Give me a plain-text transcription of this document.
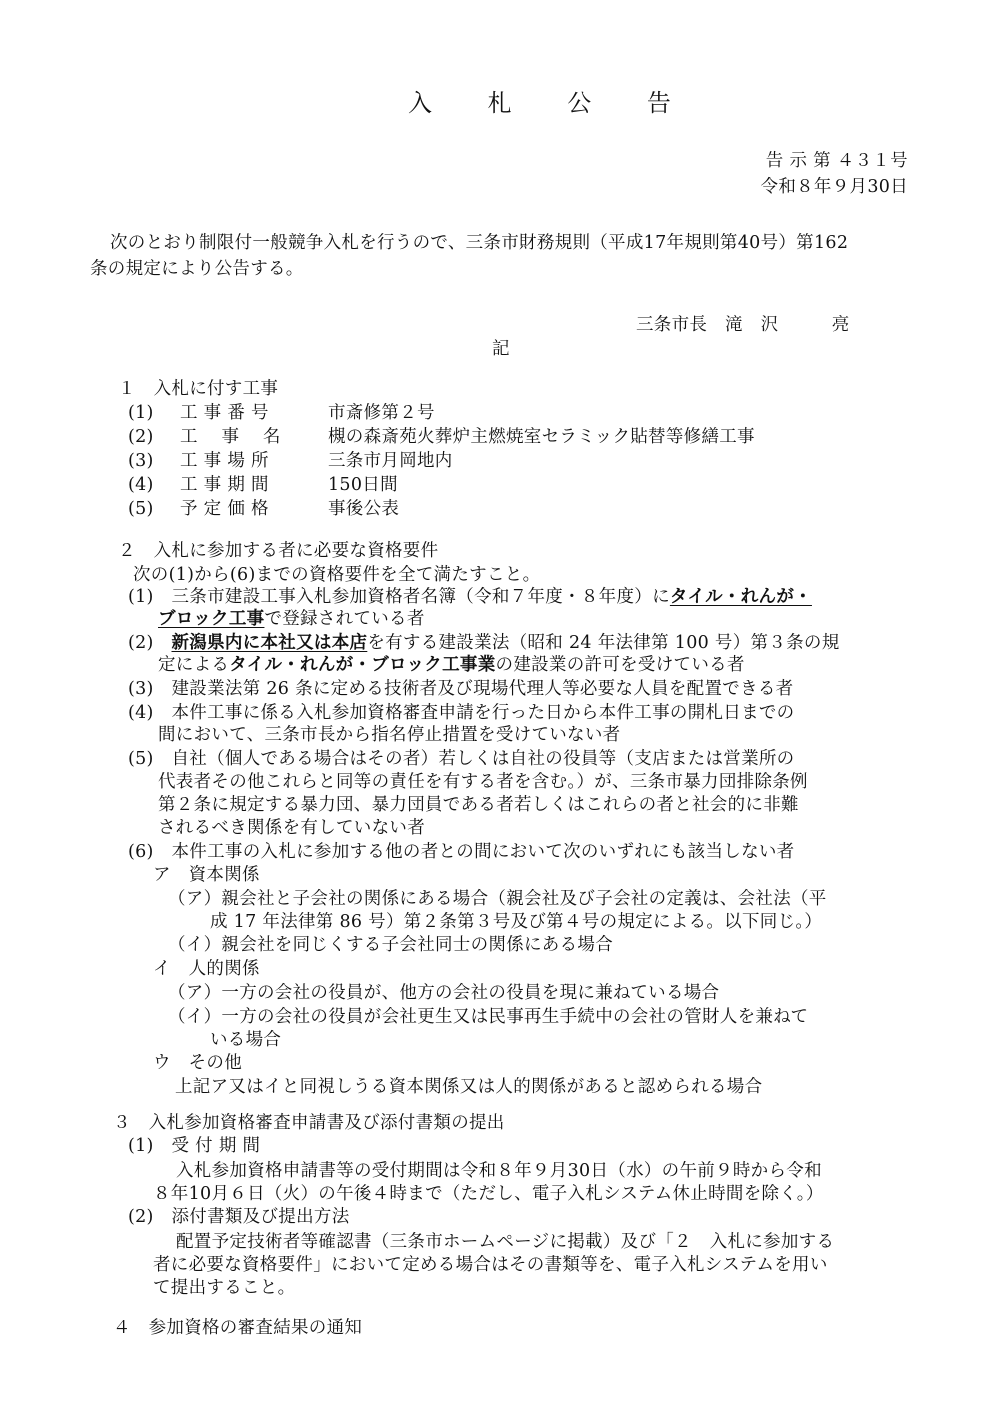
入 札 公 告
告 示 第 ４３１号
令和８年９月30日
次のとおり制限付一般競争入札を行うので、三条市財務規則（平成17年規則第40号）第162
条の規定により公告する。
三条市長　滝　沢　　　亮
記
１　入札に付す工事
(1) 工 事 番 号	市斎修第２号
(2) 工　 事　 名	槻の森斎苑火葬炉主燃焼室セラミック貼替等修繕工事
(3) 工 事 場 所	三条市月岡地内
(4) 工 事 期 間	150日間
(5) 予 定 価 格	事後公表
２　入札に参加する者に必要な資格要件
次の(1)から(6)までの資格要件を全て満たすこと。
(1)　三条市建設工事入札参加資格者名簿（令和７年度・８年度）にタイル・れんが・
ブロック工事で登録されている者
(2)　新潟県内に本社又は本店を有する建設業法（昭和 24 年法律第 100 号）第３条の規
定によるタイル・れんが・ブロック工事業の建設業の許可を受けている者
(3)　建設業法第 26 条に定める技術者及び現場代理人等必要な人員を配置できる者
(4)　本件工事に係る入札参加資格審査申請を行った日から本件工事の開札日までの
間において、三条市長から指名停止措置を受けていない者
(5)　自社（個人である場合はその者）若しくは自社の役員等（支店または営業所の
代表者その他これらと同等の責任を有する者を含む。）が、三条市暴力団排除条例
第２条に規定する暴力団、暴力団員である者若しくはこれらの者と社会的に非難
されるべき関係を有していない者
(6)　本件工事の入札に参加する他の者との間において次のいずれにも該当しない者
ア　資本関係
（ア）親会社と子会社の関係にある場合（親会社及び子会社の定義は、会社法（平
成 17 年法律第 86 号）第２条第３号及び第４号の規定による。以下同じ。）
（イ）親会社を同じくする子会社同士の関係にある場合
イ　人的関係
（ア）一方の会社の役員が、他方の会社の役員を現に兼ねている場合
（イ）一方の会社の役員が会社更生又は民事再生手続中の会社の管財人を兼ねて
いる場合
ウ　その他
上記ア又はイと同視しうる資本関係又は人的関係があると認められる場合
３　入札参加資格審査申請書及び添付書類の提出
(1)　受 付 期 間
入札参加資格申請書等の受付期間は令和８年９月30日（水）の午前９時から令和
８年10月６日（火）の午後４時まで（ただし、電子入札システム休止時間を除く。）
(2)　添付書類及び提出方法
配置予定技術者等確認書（三条市ホームページに掲載）及び「２　入札に参加する
者に必要な資格要件」において定める場合はその書類等を、電子入札システムを用い
て提出すること。
４　参加資格の審査結果の通知
